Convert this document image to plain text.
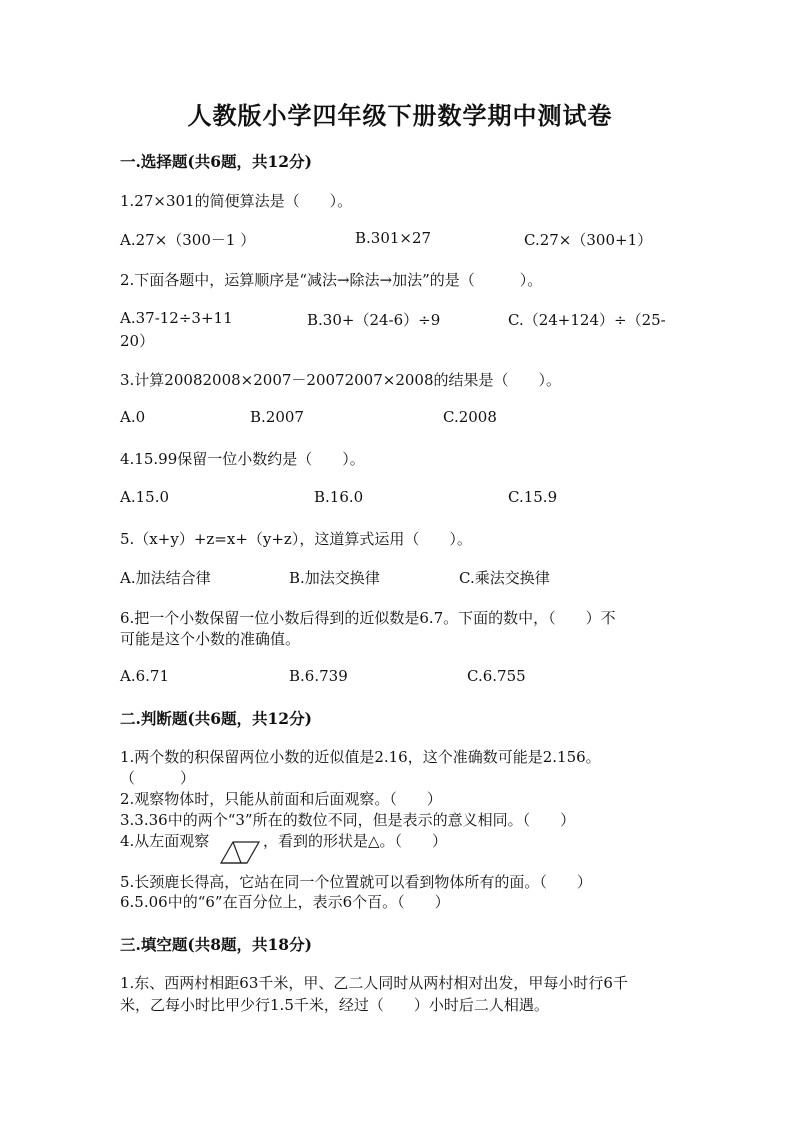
人教版小学四年级下册数学期中测试卷
一.选择题(共6题，共12分)
1.27×301的简便算法是（　　）。
A.27×（300－1 ）	B.301×27	C.27×（300+1）
2.下面各题中，运算顺序是“减法→除法→加法”的是（　　　）。
A.37-12÷3+11	B.30+（24-6）÷9	C.（24+124）÷（25-
20）
3.计算20082008×2007－20072007×2008的结果是（　　）。
A.0	B.2007	C.2008
4.15.99保留一位小数约是（　　）。
A.15.0	B.16.0	C.15.9
5.（x+y）+z=x+（y+z），这道算式运用（　　）。
A.加法结合律	B.加法交换律	C.乘法交换律
6.把一个小数保留一位小数后得到的近似数是6.7。下面的数中，（　　）不
可能是这个小数的准确值。
A.6.71	B.6.739	C.6.755
二.判断题(共6题，共12分)
1.两个数的积保留两位小数的近似值是2.16，这个准确数可能是2.156。
（　　　）
2.观察物体时，只能从前面和后面观察。（　　）
3.3.36中的两个“3”所在的数位不同，但是表示的意义相同。（　　）
4.从左面观察	，看到的形状是△。（　　）
5.长颈鹿长得高，它站在同一个位置就可以看到物体所有的面。（　　）
6.5.06中的“6”在百分位上，表示6个百。（　　）
三.填空题(共8题，共18分)
1.东、西两村相距63千米，甲、乙二人同时从两村相对出发，甲每小时行6千
米，乙每小时比甲少行1.5千米，经过（　　）小时后二人相遇。
